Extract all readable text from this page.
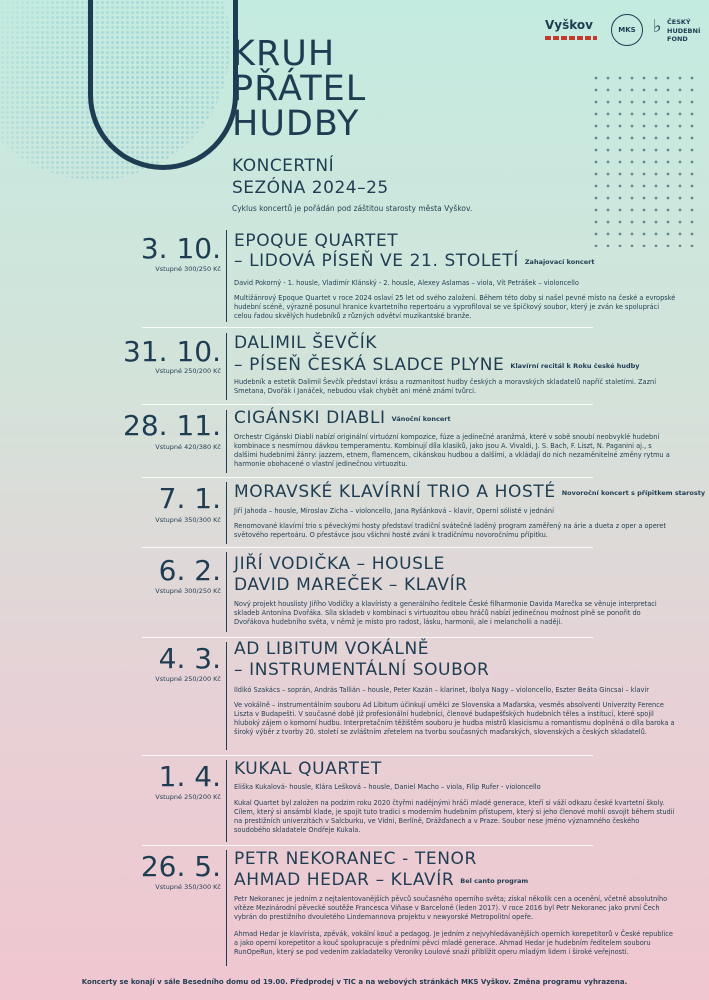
Vyškov	MKS ♭ ČESKÝ
HUDEBNÍ
FOND
KRUH
PŘÁTEL
HUDBY
KONCERTNÍ
SEZÓNA 2024–25
Cyklus koncertů je pořádán pod záštitou starosty města Vyškov.
3. 10.
Vstupné 300/250 Kč
EPOQUE QUARTET
– LIDOVÁ PÍSEŇ VE 21. STOLETÍ Zahajovací koncert
David Pokorný - 1. housle, Vladimír Klánský - 2. housle, Alexey Aslamas – viola, Vít Petrášek – violoncello
Multižánrový Epoque Quartet v roce 2024 oslaví 25 let od svého založení. Během této doby si našel pevné místo na české a evropské hudební scéně, výrazně posunul hranice kvartetního repertoáru a vyprofiloval se ve špičkový soubor, který je zván ke spolupráci celou řadou skvělých hudebníků z různých odvětví muzikantské branže.
31. 10.
Vstupné 250/200 Kč
DALIMIL ŠEVČÍK
– PÍSEŇ ČESKÁ SLADCE PLYNE Klavírní recitál k Roku české hudby
Hudebník a estetik Dalimil Ševčík představí krásu a rozmanitost hudby českých a moravských skladatelů napříč staletími. Zazní Smetana, Dvořák i Janáček, nebudou však chybět ani méně známí tvůrci.
28. 11.
Vstupné 420/380 Kč
CIGÁNSKI DIABLI Vánoční koncert
Orchestr Cigánski Diabli nabízí originální virtuózní kompozice, fúze a jedinečné aranžmá, které v sobě snoubí neobvyklé hudební kombinace s nesmírnou dávkou temperamentu. Kombinují díla klasiků, jako jsou A. Vivaldi, J. S. Bach, F. Liszt, N. Paganini aj., s dalšími hudebními žánry: jazzem, etnem, flamencem, cikánskou hudbou a dalšími, a vkládají do nich nezaměnitelné změny rytmu a harmonie obohacené o vlastní jedinečnou virtuozitu.
7. 1.
Vstupné 350/300 Kč
MORAVSKÉ KLAVÍRNÍ TRIO A HOSTÉ Novoroční koncert s přípitkem starosty
Jiří Jahoda – housle, Miroslav Zicha – violoncello, Jana Ryšánková – klavír, Operní sólisté v jednání
Renomované klavírní trio s pěveckými hosty představí tradiční svátečně laděný program zaměřený na árie a dueta z oper a operet světového repertoáru. O přestávce jsou všichni hosté zváni k tradičnímu novoročnímu přípitku.
6. 2.
Vstupné 300/250 Kč
JIŘÍ VODIČKA – HOUSLE
DAVID MAREČEK – KLAVÍR
Nový projekt houslisty Jiřího Vodičky a klavíristy a generálního ředitele České filharmonie Davida Marečka se věnuje interpretaci skladeb Antonína Dvořáka. Síla skladeb v kombinaci s virtuozitou obou hráčů nabízí jedinečnou možnost plně se ponořit do Dvořákova hudebního světa, v němž je místo pro radost, lásku, harmonii, ale i melancholii a naději.
4. 3.
Vstupné 250/200 Kč
AD LIBITUM VOKÁLNĚ
– INSTRUMENTÁLNÍ SOUBOR
Ildikó Szakács – soprán, András Tallián – housle, Peter Kazán – klarinet, Ibolya Nagy – violoncello, Eszter Beáta Gincsai – klavír
Ve vokálně – instrumentálním souboru Ad Libitum účinkují umělci ze Slovenska a Maďarska, vesměs absolventi Univerzity Ference Liszta v Budapešti. V současné době již profesionální hudebníci, členové budapešťských hudebních těles a institucí, které spojil hluboký zájem o komorní hudbu. Interpretačním těžištěm souboru je hudba mistrů klasicismu a romantismu doplněná o díla baroka a široký výběr z tvorby 20. století se zvláštním zřetelem na tvorbu současných maďarských, slovenských a českých skladatelů.
1. 4.
Vstupné 250/200 Kč
KUKAL QUARTET
Eliška Kukalová- housle, Klára Lešková – housle, Daniel Macho – viola, Filip Rufer - violoncello
Kukal Quartet byl založen na podzim roku 2020 čtyřmi nadějnými hráči mladé generace, kteří si váží odkazu české kvartetní školy. Cílem, který si ansámbl klade, je spojit tuto tradici s moderním hudebním přístupem, který si jeho členové mohli osvojit během studií na prestižních univerzitách v Salcburku, ve Vídni, Berlíně, Drážďanech a v Praze. Soubor nese jméno významného českého soudobého skladatele Ondřeje Kukala.
26. 5.
Vstupné 350/300 Kč
PETR NEKORANEC - TENOR
AHMAD HEDAR – KLAVÍR Bel canto program
Petr Nekoranec je jedním z nejtalentovanějších pěvců současného operního světa; získal několik cen a ocenění, včetně absolutního vítěze Mezinárodní pěvecké soutěže Francesca Viñase v Barceloně (leden 2017). V roce 2016 byl Petr Nekoranec jako první Čech vybrán do prestižního dvouletého Lindemannova projektu v newyorské Metropolitní opeře.
Ahmad Hedar je klavírista, zpěvák, vokální kouč a pedagog. Je jedním z nejvyhledávanějších operních korepetitorů v České republice a jako operní korepetitor a kouč spolupracuje s předními pěvci mladé generace. Ahmad Hedar je hudebním ředitelem souboru RunOpeRun, který se pod vedením zakladatelky Veroniky Loulové snaží přiblížit operu mladým lidem i široké veřejnosti.
Koncerty se konají v sále Besedního domu od 19.00. Předprodej v TIC a na webových stránkách MKS Vyškov. Změna programu vyhrazena.
